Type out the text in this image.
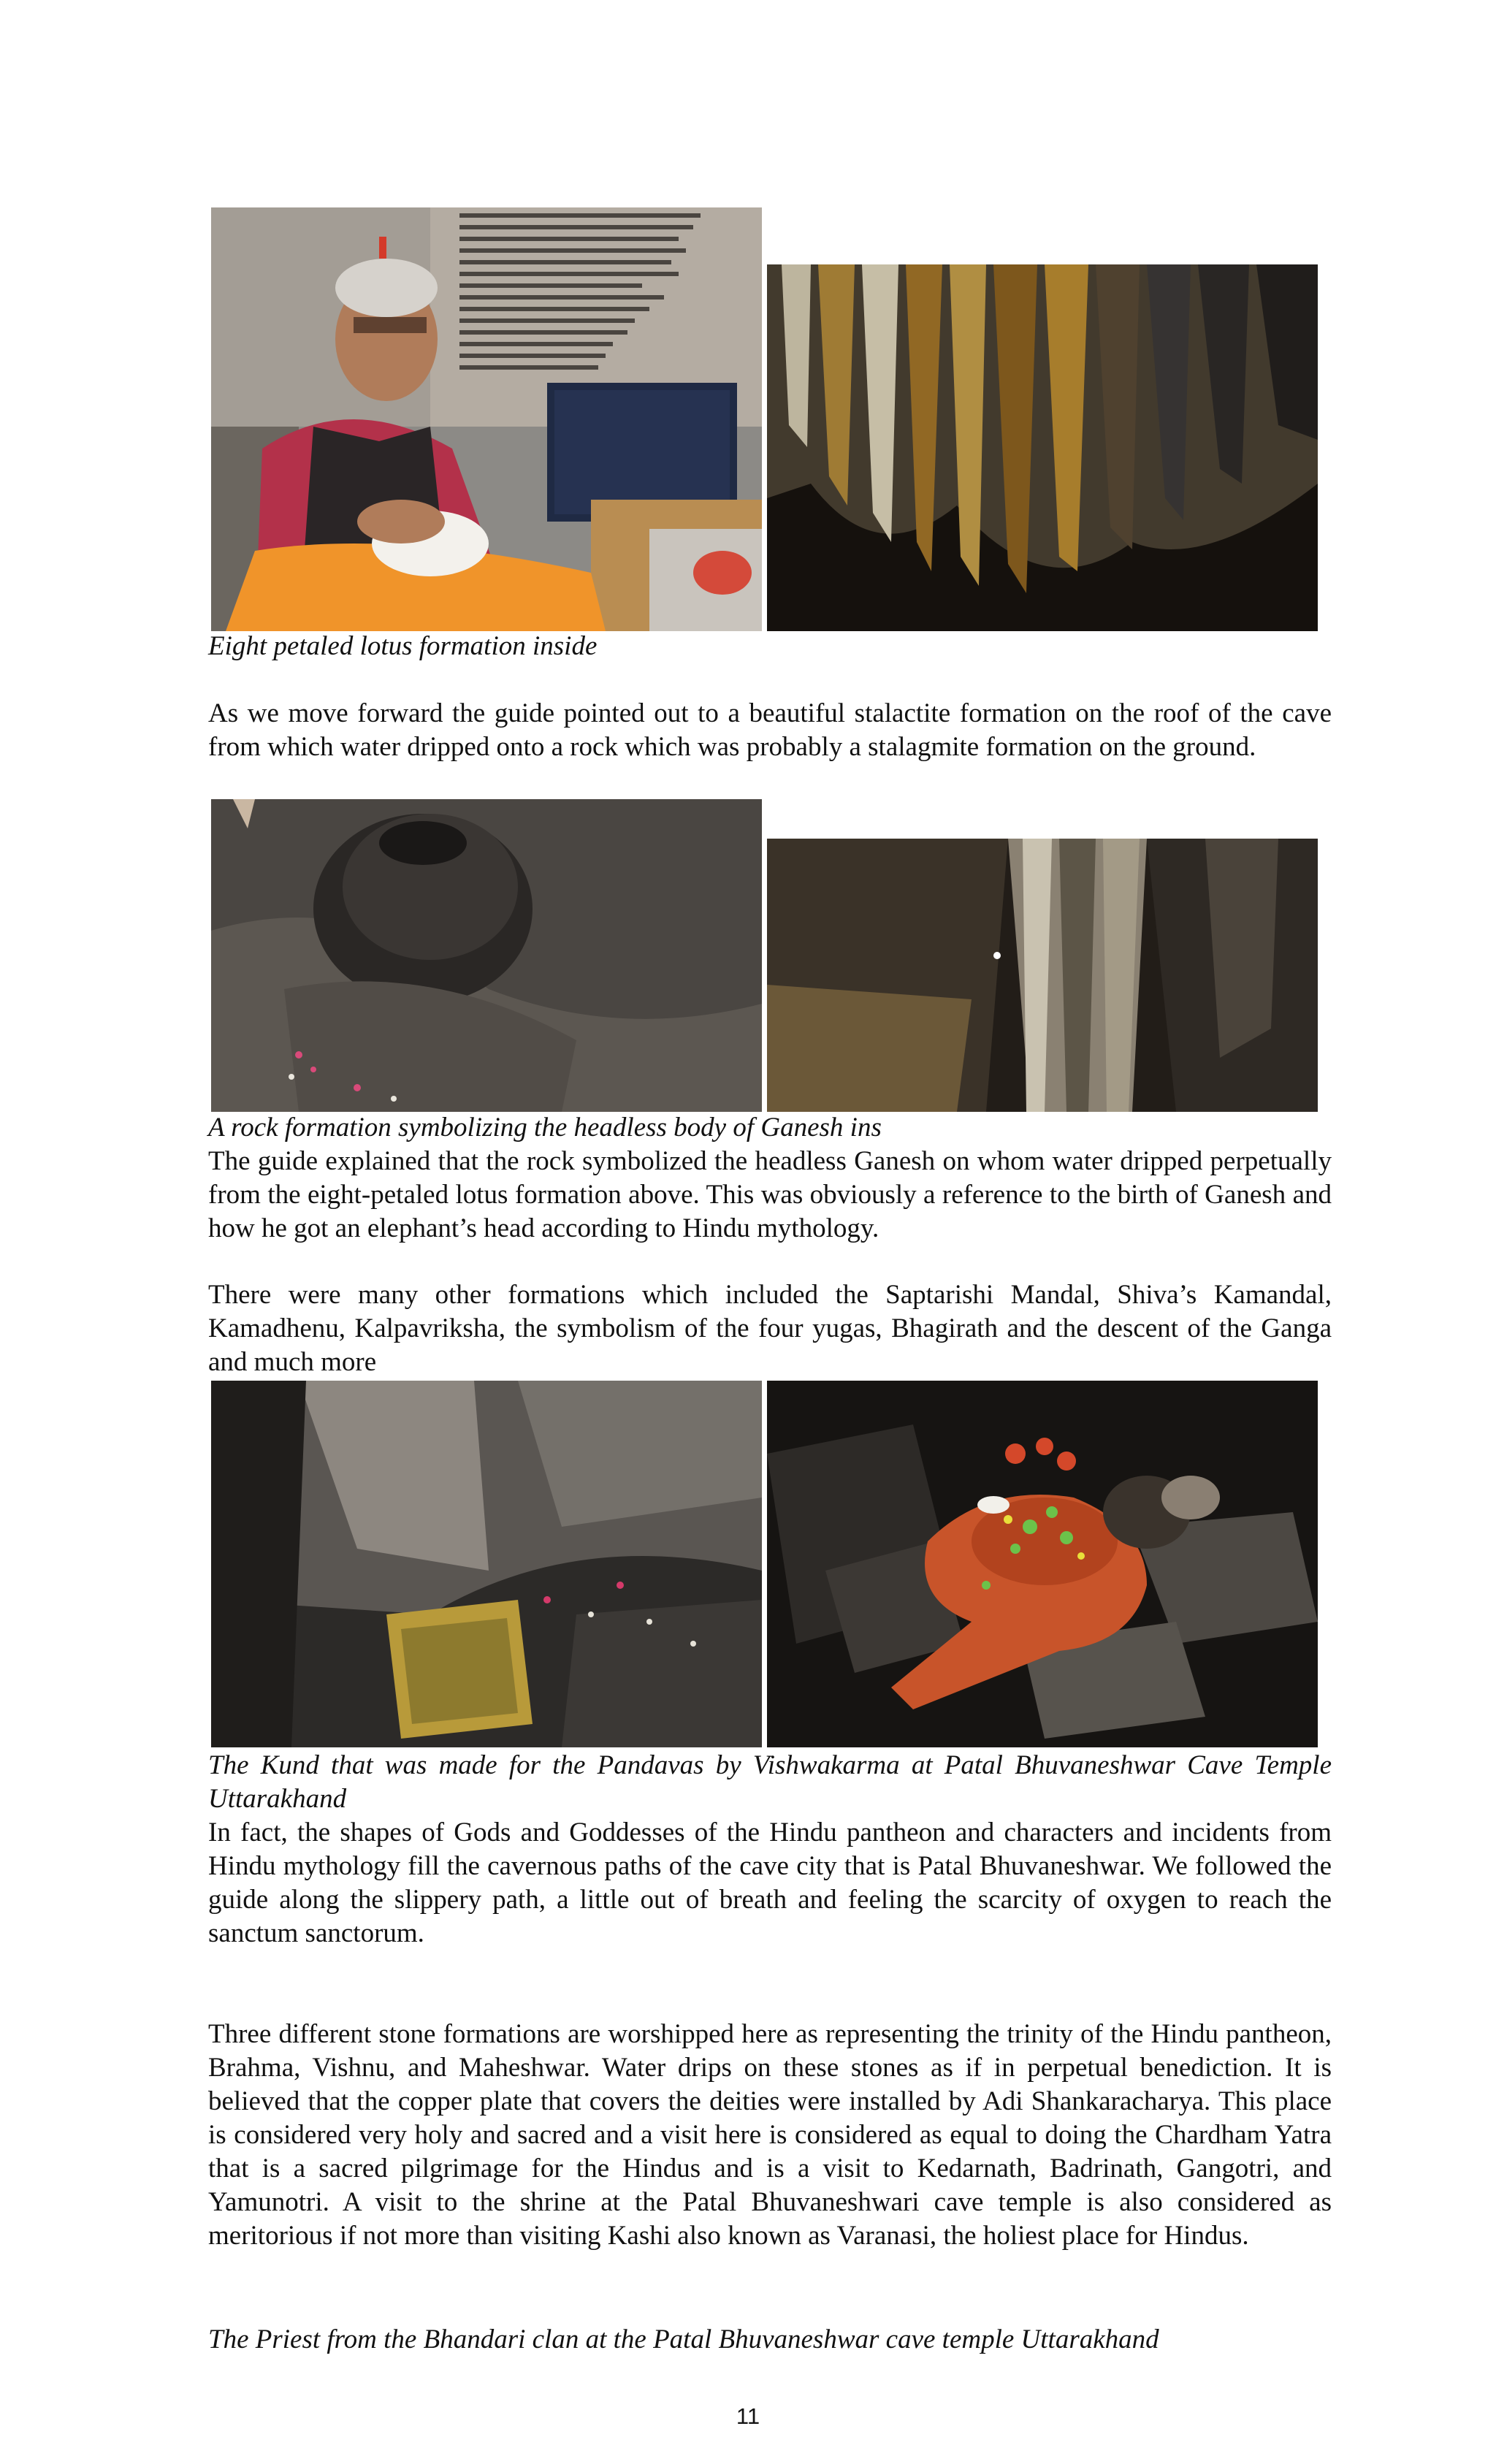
Eight petaled lotus formation inside
As we move forward the guide pointed out to a beautiful stalactite formation on the roof of the cave from which water dripped onto a rock which was probably a stalagmite formation on the ground.
A rock formation symbolizing the headless body of Ganesh ins
The guide explained that the rock symbolized the headless Ganesh on whom water dripped perpetually from the eight-petaled lotus formation above. This was obviously a reference to the birth of Ganesh and how he got an elephant’s head according to Hindu mythology.
There were many other formations which included the Saptarishi Mandal, Shiva’s Kamandal, Kamadhenu, Kalpavriksha, the symbolism of the four yugas, Bhagirath and the descent of the Ganga and much more
The Kund that was made for the Pandavas by Vishwakarma at Patal Bhuvaneshwar Cave Temple Uttarakhand
In fact, the shapes of Gods and Goddesses of the Hindu pantheon and characters and incidents from Hindu mythology fill the cavernous paths of the cave city that is Patal Bhuvaneshwar. We followed the guide along the slippery path, a little out of breath and feeling the scarcity of oxygen to reach the sanctum sanctorum.
Three different stone formations are worshipped here as representing the trinity of the Hindu pantheon, Brahma, Vishnu, and Maheshwar. Water drips on these stones as if in perpetual benediction. It is believed that the copper plate that covers the deities were installed by Adi Shankaracharya. This place is considered very holy and sacred and a visit here is considered as equal to doing the Chardham Yatra that is a sacred pilgrimage for the Hindus and is a visit to Kedarnath, Badrinath, Gangotri, and Yamunotri. A visit to the shrine at the Patal Bhuvaneshwari cave temple is also considered as meritorious if not more than visiting Kashi also known as Varanasi, the holiest place for Hindus.
The Priest from the Bhandari clan at the Patal Bhuvaneshwar cave temple Uttarakhand
11
